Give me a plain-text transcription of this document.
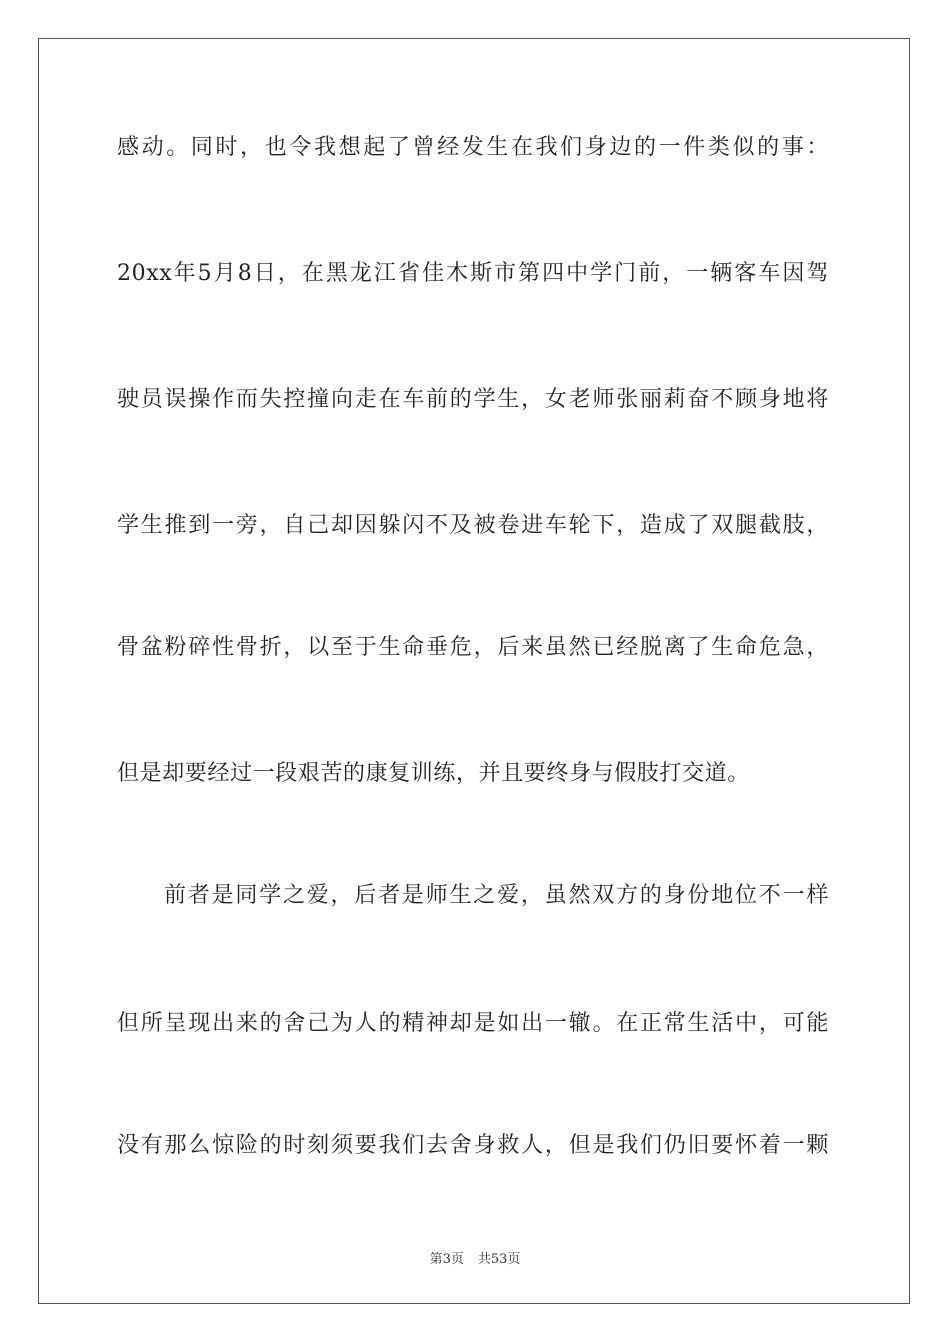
感动。同时，也令我想起了曾经发生在我们身边的一件类似的事：
20xx年5月8日，在黑龙江省佳木斯市第四中学门前，一辆客车因驾
驶员误操作而失控撞向走在车前的学生，女老师张丽莉奋不顾身地将
学生推到一旁，自己却因躲闪不及被卷进车轮下，造成了双腿截肢，
骨盆粉碎性骨折，以至于生命垂危，后来虽然已经脱离了生命危急，
但是却要经过一段艰苦的康复训练，并且要终身与假肢打交道。
前者是同学之爱，后者是师生之爱，虽然双方的身份地位不一样
但所呈现出来的舍己为人的精神却是如出一辙。在正常生活中，可能
没有那么惊险的时刻须要我们去舍身救人，但是我们仍旧要怀着一颗
第3页 共53页
